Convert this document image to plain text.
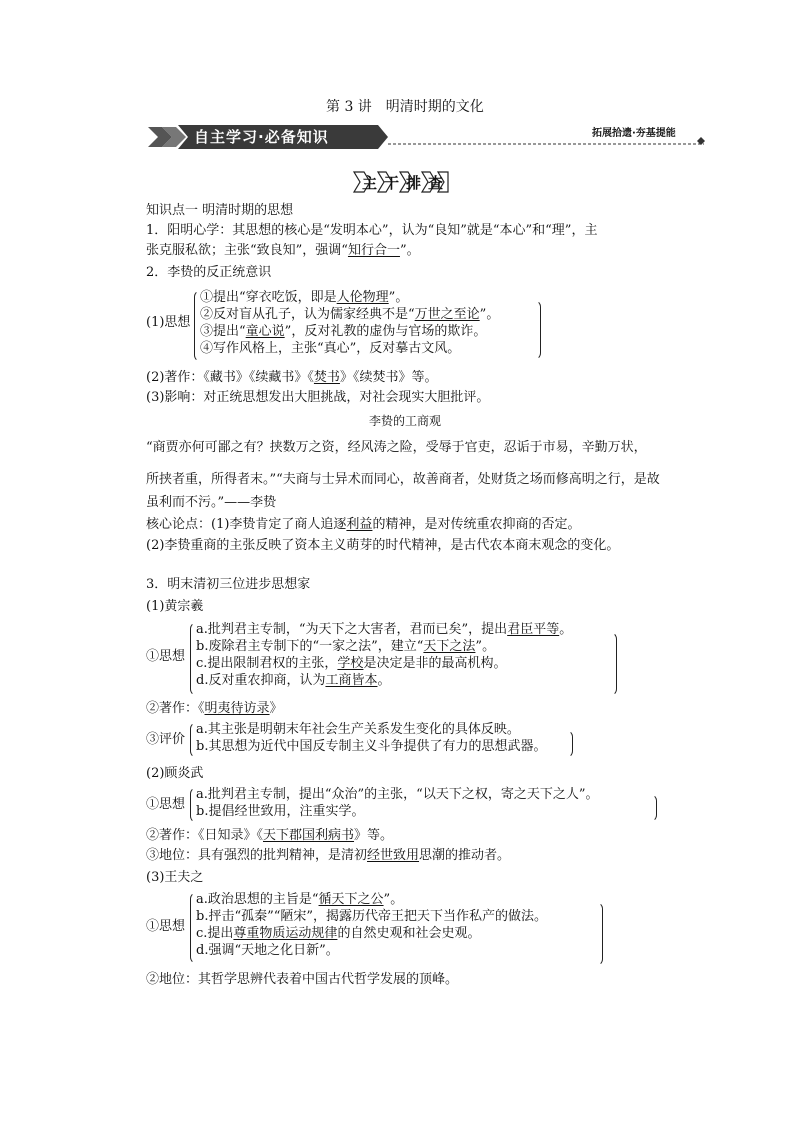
第 3 讲　明清时期的文化
自主学习·必备知识	拓展拾遗·夯基提能
主 干 排 查
知识点一 明清时期的思想
1．阳明心学：其思想的核心是“发明本心”，认为“良知”就是“本心”和“理”，主
张克服私欲；主张“致良知”，强调“知行合一”。
2．李贽的反正统意识
(1)思想
①提出“穿衣吃饭，即是人伦物理”。
②反对盲从孔子，认为儒家经典不是“万世之至论”。
③提出“童心说”，反对礼教的虚伪与官场的欺诈。
④写作风格上，主张“真心”，反对摹古文风。
(2)著作：《藏书》《续藏书》《焚书》《续焚书》等。
(3)影响：对正统思想发出大胆挑战，对社会现实大胆批评。
李贽的工商观
“商贾亦何可鄙之有？挟数万之资，经风涛之险，受辱于官吏，忍诟于市易，辛勤万状，
所挟者重，所得者末。”“夫商与士异术而同心，故善商者，处财货之场而修高明之行，是故
虽利而不污。”——李贽
核心论点：(1)李贽肯定了商人追逐利益的精神，是对传统重农抑商的否定。
(2)李贽重商的主张反映了资本主义萌芽的时代精神，是古代农本商末观念的变化。
3．明末清初三位进步思想家
(1)黄宗羲
①思想
a.批判君主专制，“为天下之大害者，君而已矣”，提出君臣平等。
b.废除君主专制下的“一家之法”，建立“天下之法”。
c.提出限制君权的主张，学校是决定是非的最高机构。
d.反对重农抑商，认为工商皆本。
②著作：《明夷待访录》
③评价
a.其主张是明朝末年社会生产关系发生变化的具体反映。
b.其思想为近代中国反专制主义斗争提供了有力的思想武器。
(2)顾炎武
①思想
a.批判君主专制，提出“众治”的主张，“以天下之权，寄之天下之人”。
b.提倡经世致用，注重实学。
②著作：《日知录》《天下郡国利病书》等。
③地位：具有强烈的批判精神，是清初经世致用思潮的推动者。
(3)王夫之
①思想
a.政治思想的主旨是“循天下之公”。
b.抨击“孤秦”“陋宋”，揭露历代帝王把天下当作私产的做法。
c.提出尊重物质运动规律的自然史观和社会史观。
d.强调“天地之化日新”。
②地位：其哲学思辨代表着中国古代哲学发展的顶峰。
